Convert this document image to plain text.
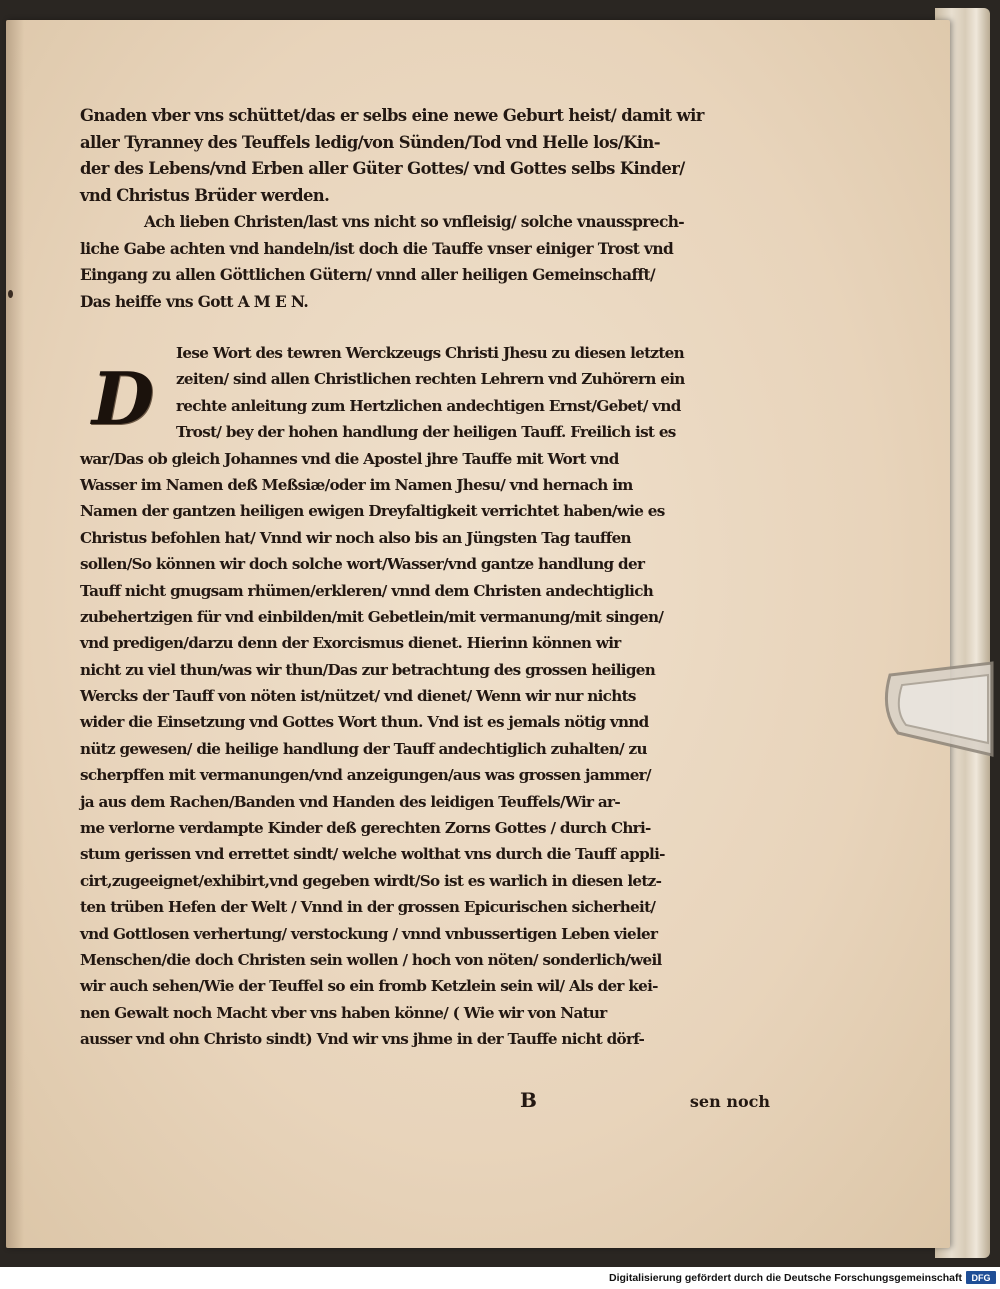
Gnaden vber vns schüttet/das er selbs eine newe Geburt heist/ damit wir
aller Tyranney des Teuffels ledig/von Sünden/Tod vnd Helle los/Kin-
der des Lebens/vnd Erben aller Güter Gottes/ vnd Gottes selbs Kinder/
vnd Christus Brüder werden.
Ach lieben Christen/last vns nicht so vnfleisig/ solche vnaussprech-
liche Gabe achten vnd handeln/ist doch die Tauffe vnser einiger Trost vnd
Eingang zu allen Göttlichen Gütern/ vnnd aller heiligen Gemeinschafft/
Das heiffe vns Gott A M E N.
Iese Wort des tewren Werckzeugs Christi Jhesu zu diesen letzten
zeiten/ sind allen Christlichen rechten Lehrern vnd Zuhörern ein
rechte anleitung zum Hertzlichen andechtigen Ernst/Gebet/ vnd
Trost/ bey der hohen handlung der heiligen Tauff. Freilich ist es
war/Das ob gleich Johannes vnd die Apostel jhre Tauffe mit Wort vnd
Wasser im Namen deß Meßsiæ/oder im Namen Jhesu/ vnd hernach im
Namen der gantzen heiligen ewigen Dreyfaltigkeit verrichtet haben/wie es
Christus befohlen hat/ Vnnd wir noch also bis an Jüngsten Tag tauffen
sollen/So können wir doch solche wort/Wasser/vnd gantze handlung der
Tauff nicht gnugsam rhümen/erkleren/ vnnd dem Christen andechtiglich
zubehertzigen für vnd einbilden/mit Gebetlein/mit vermanung/mit singen/
vnd predigen/darzu denn der Exorcismus dienet. Hierinn können wir
nicht zu viel thun/was wir thun/Das zur betrachtung des grossen heiligen
Wercks der Tauff von nöten ist/nützet/ vnd dienet/ Wenn wir nur nichts
wider die Einsetzung vnd Gottes Wort thun. Vnd ist es jemals nötig vnnd
nütz gewesen/ die heilige handlung der Tauff andechtiglich zuhalten/ zu
scherpffen mit vermanungen/vnd anzeigungen/aus was grossen jammer/
ja aus dem Rachen/Banden vnd Handen des leidigen Teuffels/Wir ar-
me verlorne verdampte Kinder deß gerechten Zorns Gottes / durch Chri-
stum gerissen vnd errettet sindt/ welche wolthat vns durch die Tauff appli-
cirt,zugeeignet/exhibirt,vnd gegeben wirdt/So ist es warlich in diesen letz-
ten trüben Hefen der Welt / Vnnd in der grossen Epicurischen sicherheit/
vnd Gottlosen verhertung/ verstockung / vnnd vnbussertigen Leben vieler
Menschen/die doch Christen sein wollen / hoch von nöten/ sonderlich/weil
wir auch sehen/Wie der Teuffel so ein fromb Ketzlein sein wil/ Als der kei-
nen Gewalt noch Macht vber vns haben könne/ ( Wie wir von Natur
ausser vnd ohn Christo sindt) Vnd wir vns jhme in der Tauffe nicht dörf-
D
B	sen noch
Digitalisierung gefördert durch die Deutsche Forschungsgemeinschaft	DFG
